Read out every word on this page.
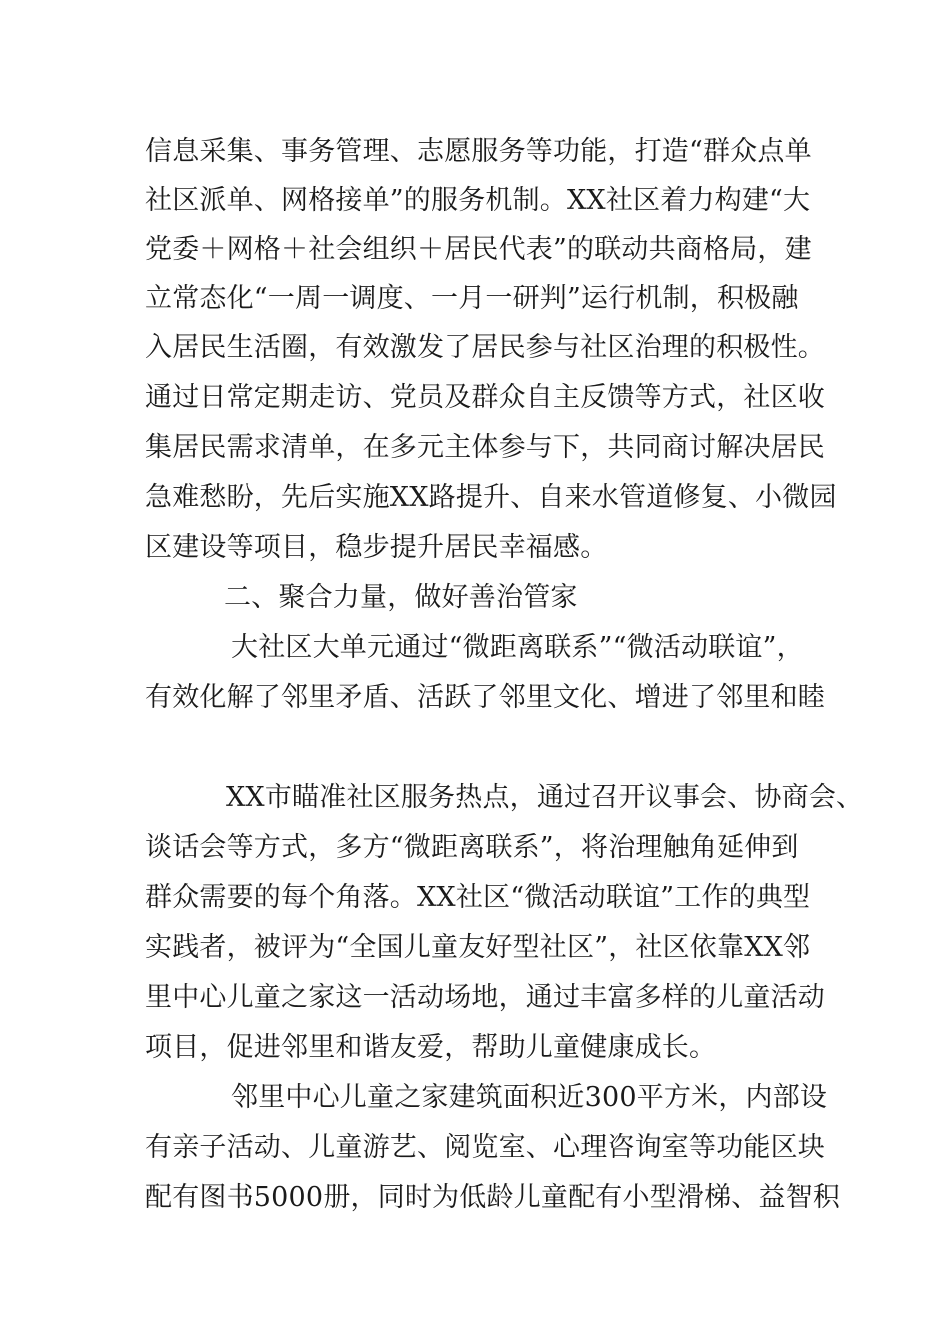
信息采集、事务管理、志愿服务等功能，打造“群众点单
社区派单、网格接单”的服务机制。XX社区着力构建“大
党委＋网格＋社会组织＋居民代表”的联动共商格局，建
立常态化“一周一调度、一月一研判”运行机制，积极融
入居民生活圈，有效激发了居民参与社区治理的积极性。
通过日常定期走访、党员及群众自主反馈等方式，社区收
集居民需求清单，在多元主体参与下，共同商讨解决居民
急难愁盼，先后实施XX路提升、自来水管道修复、小微园
区建设等项目，稳步提升居民幸福感。
二、聚合力量，做好善治管家
大社区大单元通过“微距离联系”“微活动联谊”，
有效化解了邻里矛盾、活跃了邻里文化、增进了邻里和睦
XX市瞄准社区服务热点，通过召开议事会、协商会、
谈话会等方式，多方“微距离联系”，将治理触角延伸到
群众需要的每个角落。XX社区“微活动联谊”工作的典型
实践者，被评为“全国儿童友好型社区”，社区依靠XX邻
里中心儿童之家这一活动场地，通过丰富多样的儿童活动
项目，促进邻里和谐友爱，帮助儿童健康成长。
邻里中心儿童之家建筑面积近300平方米，内部设
有亲子活动、儿童游艺、阅览室、心理咨询室等功能区块
配有图书5000册，同时为低龄儿童配有小型滑梯、益智积
